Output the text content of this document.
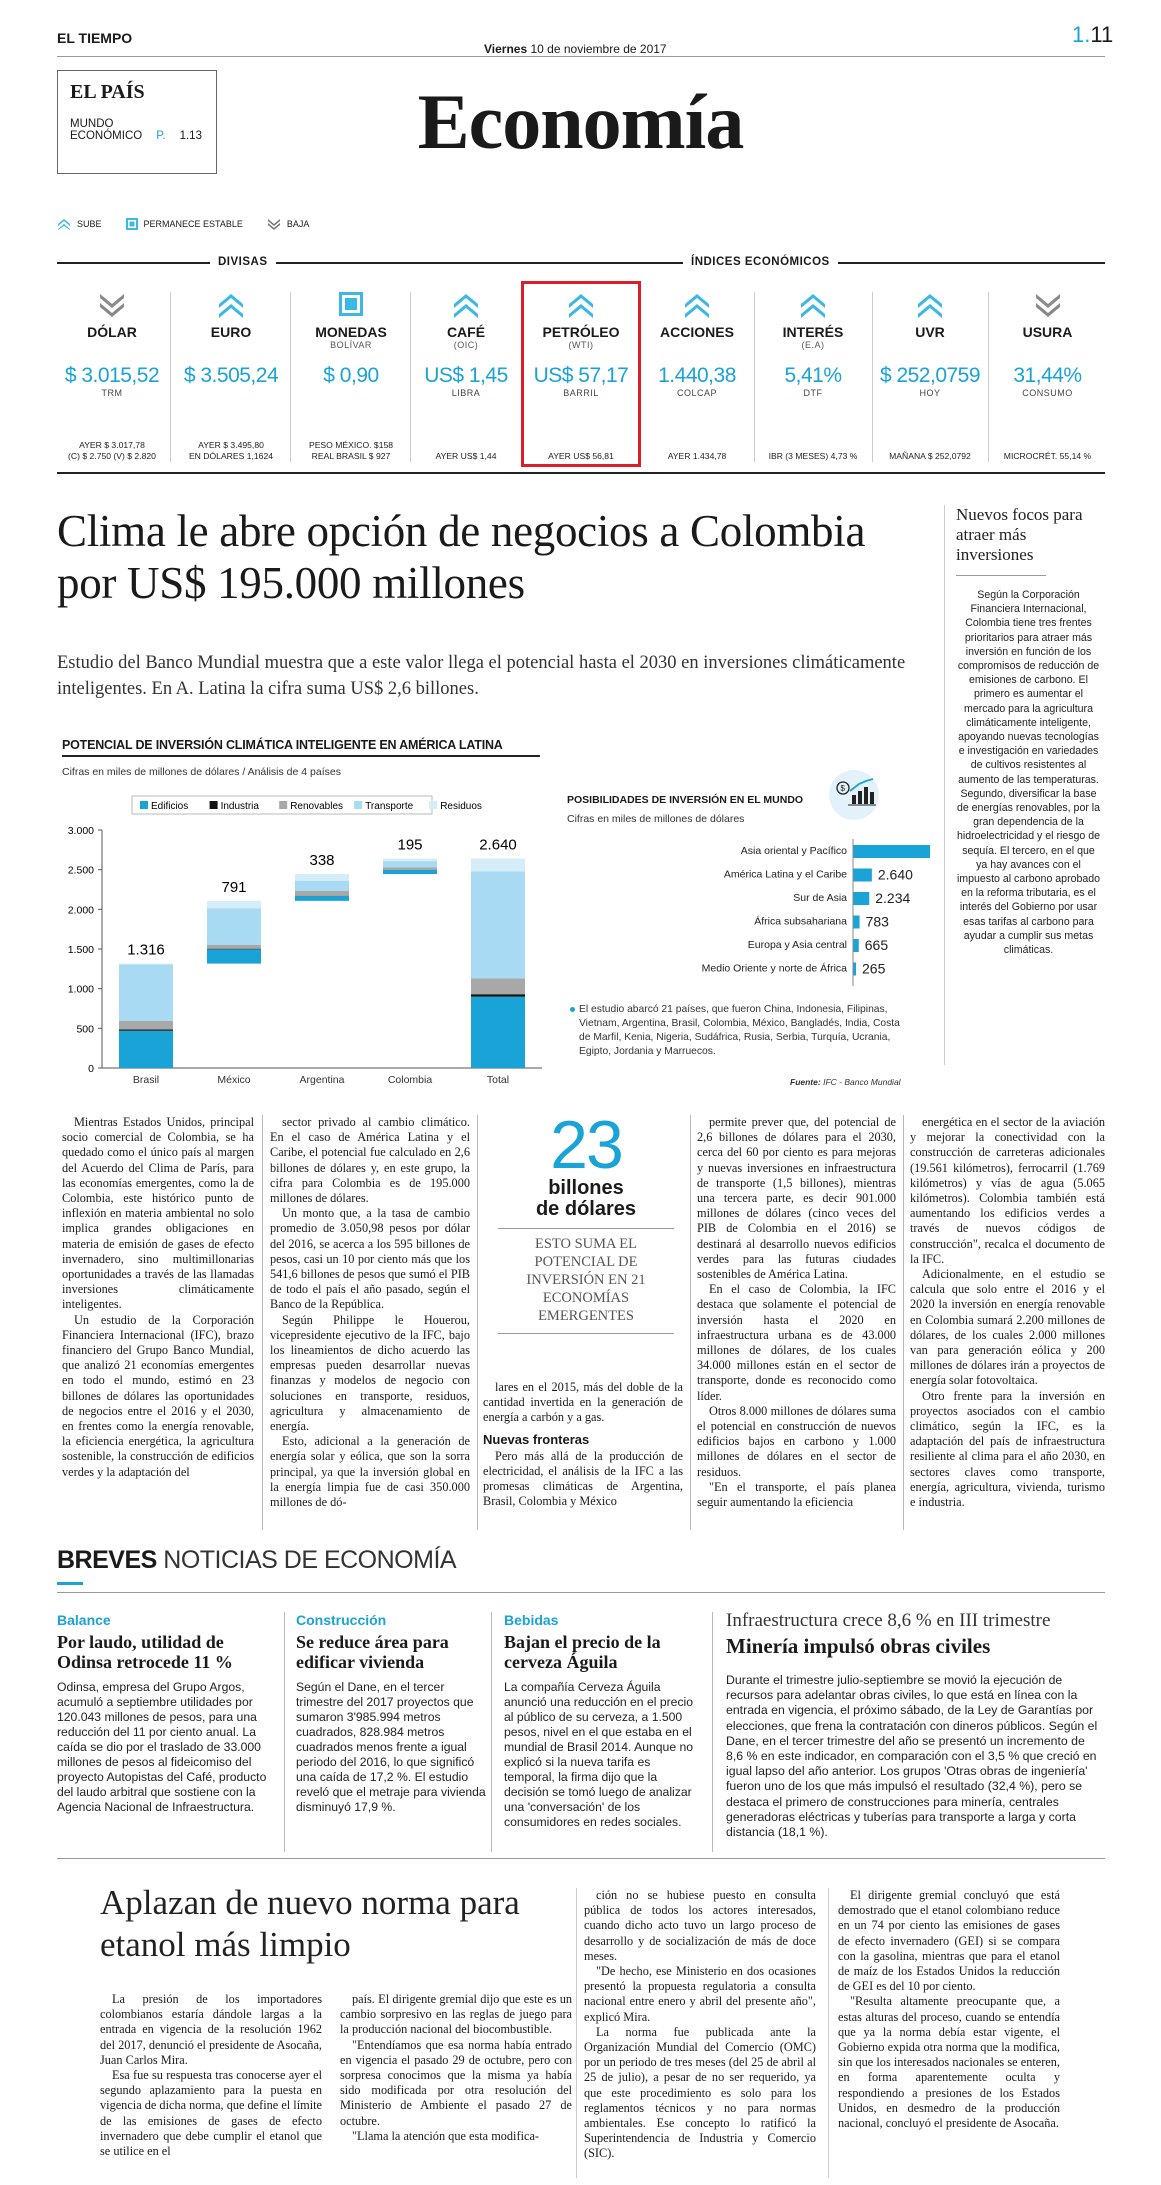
EL TIEMPO
Viernes 10 de noviembre de 2017
1.11
EL PAÍS
MUNDO
ECONÓMICO P. 1.13	Economía
SUBE	PERMANECE ESTABLE	BAJA
DIVISAS	ÍNDICES ECONÓMICOS
DÓLAR
$ 3.015,52
TRM
AYER $ 3.017,78
(C) $ 2.750 (V) $ 2.820
EURO
$ 3.505,24
AYER $ 3.495,80
EN DÓLARES 1,1624
MONEDAS
BOLÍVAR
$ 0,90
PESO MÉXICO. $158
REAL BRASIL $ 927
CAFÉ
(OIC)
US$ 1,45
LIBRA
AYER US$ 1,44
PETRÓLEO
(WTI)
US$ 57,17
BARRIL
AYER US$ 56,81
ACCIONES
1.440,38
COLCAP
AYER 1.434,78
INTERÉS
(E.A)
5,41%
DTF
IBR (3 MESES) 4,73 %
UVR
$ 252,0759
HOY
MAÑANA $ 252,0792
USURA
31,44%
CONSUMO
MICROCRÉT. 55,14 %
Clima le abre opción de negocios a Colombia por US$ 195.000 millones
Estudio del Banco Mundial muestra que a este valor llega el potencial hasta el 2030 en inversiones climáticamente inteligentes. En A. Latina la cifra suma US$ 2,6 billones.
Nuevos focos para atraer más inversiones
Según la Corporación Financiera Internacional, Colombia tiene tres frentes prioritarios para atraer más inversión en función de los compromisos de reducción de emisiones de carbono. El primero es aumentar el mercado para la agricultura climáticamente inteligente, apoyando nuevas tecnologías e investigación en variedades de cultivos resistentes al aumento de las temperaturas. Segundo, diversificar la base de energías renovables, por la gran dependencia de la hidroelectricidad y el riesgo de sequía. El tercero, en el que ya hay avances con el impuesto al carbono aprobado en la reforma tributaria, es el interés del Gobierno por usar esas tarifas al carbono para ayudar a cumplir sus metas climáticas.
POTENCIAL DE INVERSIÓN CLIMÁTICA INTELIGENTE EN AMÉRICA LATINA
Cifras en miles de millones de dólares / Análisis de 4 países
Edificios	Industria	Renovables Transporte	Residuos
0
500
1.000
1.500
2.000
2.500
3.000
1.316
Brasil
791
México
338
Argentina
195
Colombia
2.640
Total
$
POSIBILIDADES DE INVERSIÓN EN EL MUNDO
Cifras en miles de millones de dólares
Asia oriental y Pacífico
América Latina y el Caribe 2.640
Sur de Asia 2.234
África subsahariana 783
Europa y Asia central 665
Medio Oriente y norte de África 265
El estudio abarcó 21 países, que fueron China, Indonesia, Filipinas, Vietnam, Argentina, Brasil, Colombia, México, Bangladés, India, Costa de Marfil, Kenia, Nigeria, Sudáfrica, Rusia, Serbia, Turquía, Ucrania, Egipto, Jordania y Marruecos.
Fuente: IFC - Banco Mundial

Mientras Estados Unidos, principal socio comercial de Colombia, se ha quedado como el único país al margen del Acuerdo del Clima de París, para las economías emergentes, como la de Colombia, este histórico punto de inflexión en materia ambiental no solo implica grandes obligaciones en materia de emisión de gases de efecto invernadero, sino multimillonarias oportunidades a través de las llamadas inversiones climáticamente inteligentes.

Un estudio de la Corporación Financiera Internacional (IFC), brazo financiero del Grupo Banco Mundial, que analizó 21 economías emergentes en todo el mundo, estimó en 23 billones de dólares las oportunidades de negocios entre el 2016 y el 2030, en frentes como la energía renovable, la eficiencia energética, la agricultura sostenible, la construcción de edificios verdes y la adaptación del

sector privado al cambio climático. En el caso de América Latina y el Caribe, el potencial fue calculado en 2,6 billones de dólares y, en este grupo, la cifra para Colombia es de 195.000 millones de dólares.

Un monto que, a la tasa de cambio promedio de 3.050,98 pesos por dólar del 2016, se acerca a los 595 billones de pesos, casi un 10 por ciento más que los 541,6 billones de pesos que sumó el PIB de todo el país el año pasado, según el Banco de la República.

Según Philippe le Houerou, vicepresidente ejecutivo de la IFC, bajo los lineamientos de dicho acuerdo las empresas pueden desarrollar nuevas finanzas y modelos de negocio con soluciones en transporte, residuos, agricultura y almacenamiento de energía.

Esto, adicional a la generación de energía solar y eólica, que son la sorra principal, ya que la inversión global en la energía limpia fue de casi 350.000 millones de dó-

23
billones
de dólares
ESTO SUMA EL POTENCIAL DE INVERSIÓN EN 21 ECONOMÍAS EMERGENTES

lares en el 2015, más del doble de la cantidad invertida en la generación de energía a carbón y a gas.

Nuevas fronteras

Pero más allá de la producción de electricidad, el análisis de la IFC a las promesas climáticas de Argentina, Brasil, Colombia y México

permite prever que, del potencial de 2,6 billones de dólares para el 2030, cerca del 60 por ciento es para mejoras y nuevas inversiones en infraestructura de transporte (1,5 billones), mientras una tercera parte, es decir 901.000 millones de dólares (cinco veces del PIB de Colombia en el 2016) se destinará al desarrollo nuevos edificios verdes para las futuras ciudades sostenibles de América Latina.

En el caso de Colombia, la IFC destaca que solamente el potencial de inversión hasta el 2020 en infraestructura urbana es de 43.000 millones de dólares, de los cuales 34.000 millones están en el sector de transporte, donde es reconocido como líder.

Otros 8.000 millones de dólares suma el potencial en construcción de nuevos edificios bajos en carbono y 1.000 millones de dólares en el sector de residuos.

"En el transporte, el país planea seguir aumentando la eficiencia

energética en el sector de la aviación y mejorar la conectividad con la construcción de carreteras adicionales (19.561 kilómetros), ferrocarril (1.769 kilómetros) y vías de agua (5.065 kilómetros). Colombia también está aumentando los edificios verdes a través de nuevos códigos de construcción", recalca el documento de la IFC.

Adicionalmente, en el estudio se calcula que solo entre el 2016 y el 2020 la inversión en energía renovable en Colombia sumará 2.200 millones de dólares, de los cuales 2.000 millones van para generación eólica y 200 millones de dólares irán a proyectos de energía solar fotovoltaica.

Otro frente para la inversión en proyectos asociados con el cambio climático, según la IFC, es la adaptación del país de infraestructura resiliente al clima para el año 2030, en sectores claves como transporte, energía, agricultura, vivienda, turismo e industria.

BREVES NOTICIAS DE ECONOMÍA
Balance
Por laudo, utilidad de Odinsa retrocede 11 %
Odinsa, empresa del Grupo Argos, acumuló a septiembre utilidades por 120.043 millones de pesos, para una reducción del 11 por ciento anual. La caída se dio por el traslado de 33.000 millones de pesos al fideicomiso del proyecto Autopistas del Café, producto del laudo arbitral que sostiene con la Agencia Nacional de Infraestructura.
Construcción
Se reduce área para edificar vivienda
Según el Dane, en el tercer trimestre del 2017 proyectos que sumaron 3'985.994 metros cuadrados, 828.984 metros cuadrados menos frente a igual periodo del 2016, lo que significó una caída de 17,2 %. El estudio reveló que el metraje para vivienda disminuyó 17,9 %.
Bebidas
Bajan el precio de la cerveza Águila
La compañía Cerveza Águila anunció una reducción en el precio al público de su cerveza, a 1.500 pesos, nivel en el que estaba en el mundial de Brasil 2014. Aunque no explicó si la nueva tarifa es temporal, la firma dijo que la decisión se tomó luego de analizar una 'conversación' de los consumidores en redes sociales.
Infraestructura crece 8,6 % en III trimestre
Minería impulsó obras civiles
Durante el trimestre julio-septiembre se movió la ejecución de recursos para adelantar obras civiles, lo que está en línea con la entrada en vigencia, el próximo sábado, de la Ley de Garantías por elecciones, que frena la contratación con dineros públicos. Según el Dane, en el tercer trimestre del año se presentó un incremento de 8,6 % en este indicador, en comparación con el 3,5 % que creció en igual lapso del año anterior. Los grupos 'Otras obras de ingeniería' fueron uno de los que más impulsó el resultado (32,4 %), pero se destaca el primero de construcciones para minería, centrales generadoras eléctricas y tuberías para transporte a larga y corta distancia (18,1 %).
Aplazan de nuevo norma para etanol más limpio

La presión de los importadores colombianos estaría dándole largas a la entrada en vigencia de la resolución 1962 del 2017, denunció el presidente de Asocaña, Juan Carlos Mira.

Esa fue su respuesta tras conocerse ayer el segundo aplazamiento para la puesta en vigencia de dicha norma, que define el límite de las emisiones de gases de efecto invernadero que debe cumplir el etanol que se utilice en el

país. El dirigente gremial dijo que este es un cambio sorpresivo en las reglas de juego para la producción nacional del biocombustible.

"Entendíamos que esa norma había entrado en vigencia el pasado 29 de octubre, pero con sorpresa conocimos que la misma ya había sido modificada por otra resolución del Ministerio de Ambiente el pasado 27 de octubre.

"Llama la atención que esta modifica-

ción no se hubiese puesto en consulta pública de todos los actores interesados, cuando dicho acto tuvo un largo proceso de desarrollo y de socialización de más de doce meses.

"De hecho, ese Ministerio en dos ocasiones presentó la propuesta regulatoria a consulta nacional entre enero y abril del presente año", explicó Mira.

La norma fue publicada ante la Organización Mundial del Comercio (OMC) por un periodo de tres meses (del 25 de abril al 25 de julio), a pesar de no ser requerido, ya que este procedimiento es solo para los reglamentos técnicos y no para normas ambientales. Ese concepto lo ratificó la Superintendencia de Industria y Comercio (SIC).

El dirigente gremial concluyó que está demostrado que el etanol colombiano reduce en un 74 por ciento las emisiones de gases de efecto invernadero (GEI) si se compara con la gasolina, mientras que para el etanol de maíz de los Estados Unidos la reducción de GEI es del 10 por ciento.

"Resulta altamente preocupante que, a estas alturas del proceso, cuando se entendía que ya la norma debía estar vigente, el Gobierno expida otra norma que la modifica, sin que los interesados nacionales se enteren, en forma aparentemente oculta y respondiendo a presiones de los Estados Unidos, en desmedro de la producción nacional, concluyó el presidente de Asocaña.
